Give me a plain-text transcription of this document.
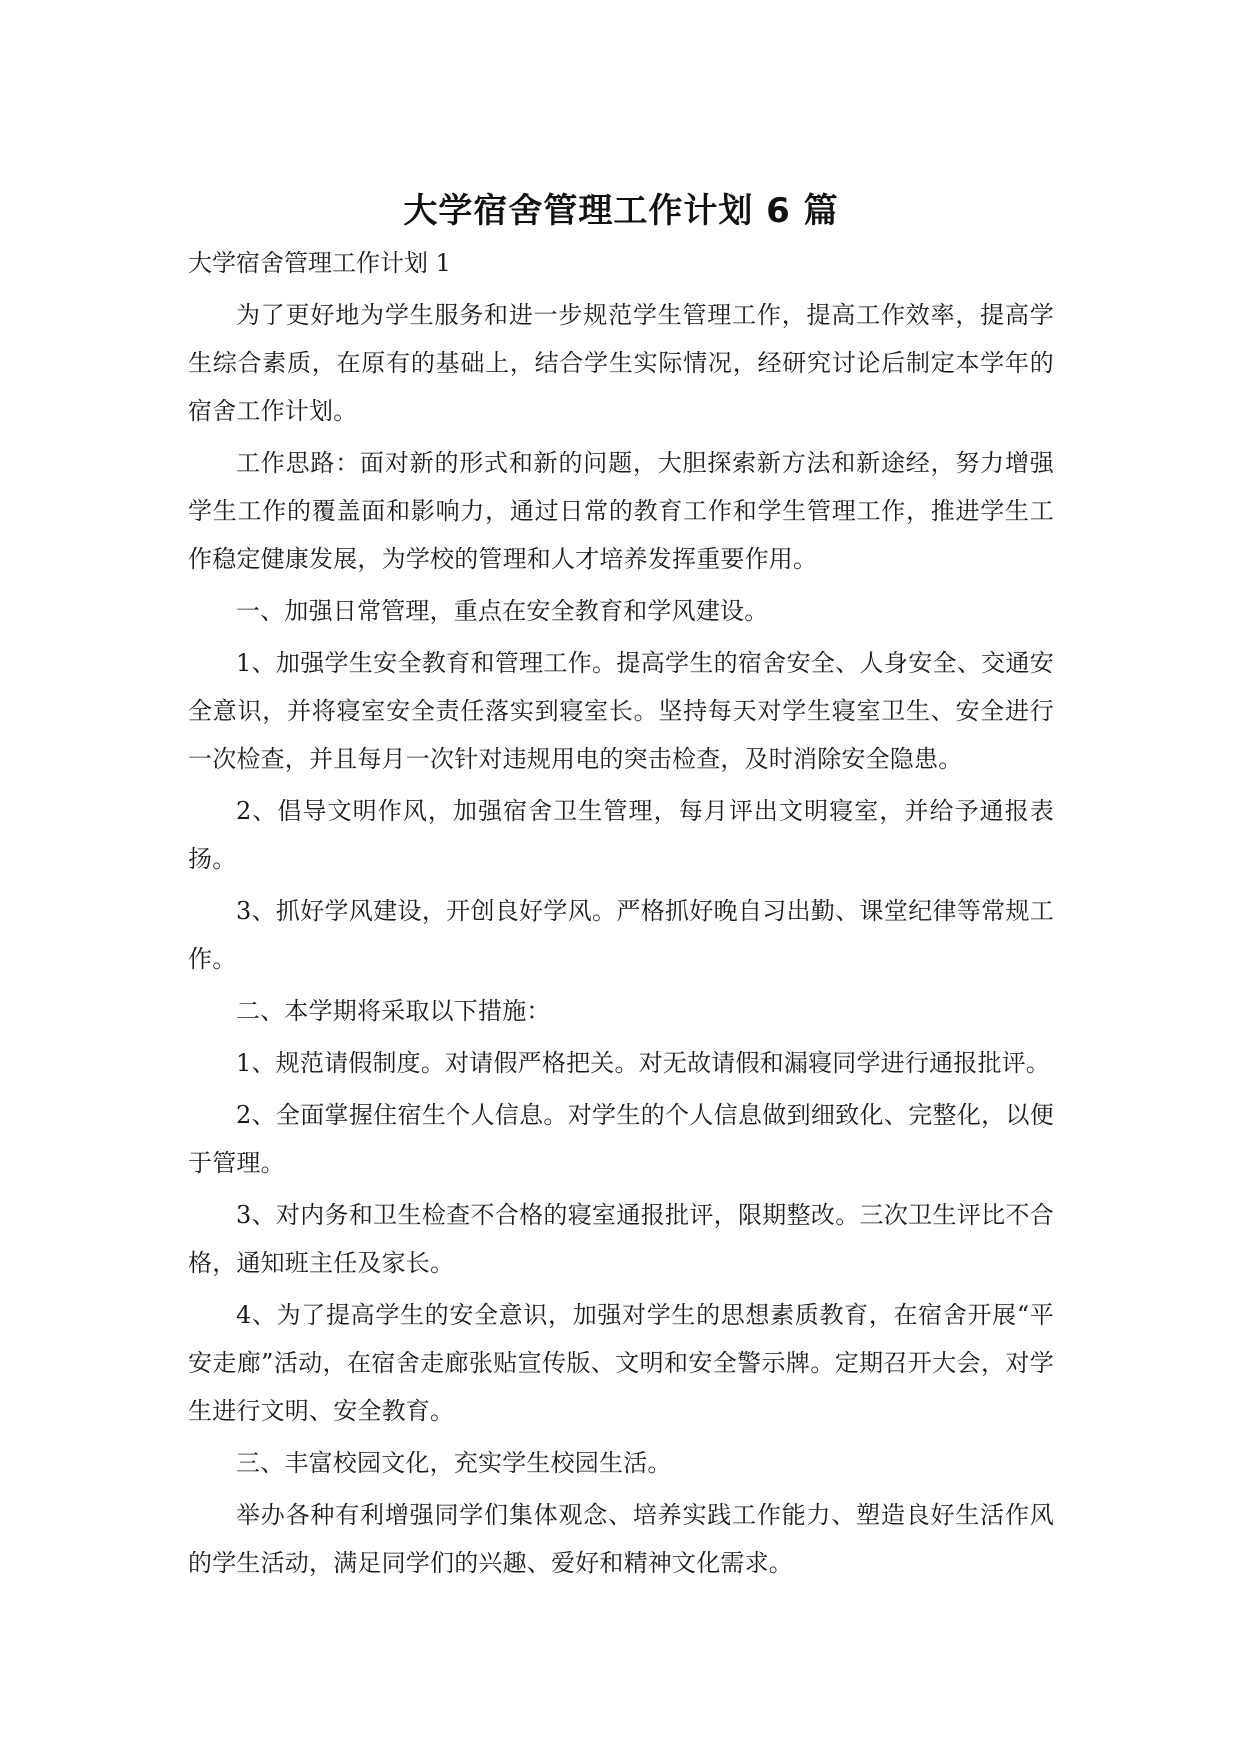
大学宿舍管理工作计划 6 篇

大学宿舍管理工作计划 1

为了更好地为学生服务和进一步规范学生管理工作，提高工作效率，提高学生综合素质，在原有的基础上，结合学生实际情况，经研究讨论后制定本学年的宿舍工作计划。

工作思路：面对新的形式和新的问题，大胆探索新方法和新途经，努力增强学生工作的覆盖面和影响力，通过日常的教育工作和学生管理工作，推进学生工作稳定健康发展，为学校的管理和人才培养发挥重要作用。

一、加强日常管理，重点在安全教育和学风建设。

1、加强学生安全教育和管理工作。提高学生的宿舍安全、人身安全、交通安全意识，并将寝室安全责任落实到寝室长。坚持每天对学生寝室卫生、安全进行一次检查，并且每月一次针对违规用电的突击检查，及时消除安全隐患。

2、倡导文明作风，加强宿舍卫生管理，每月评出文明寝室，并给予通报表扬。

3、抓好学风建设，开创良好学风。严格抓好晚自习出勤、课堂纪律等常规工作。

二、本学期将采取以下措施：

1、规范请假制度。对请假严格把关。对无故请假和漏寝同学进行通报批评。

2、全面掌握住宿生个人信息。对学生的个人信息做到细致化、完整化，以便于管理。

3、对内务和卫生检查不合格的寝室通报批评，限期整改。三次卫生评比不合格，通知班主任及家长。

4、为了提高学生的安全意识，加强对学生的思想素质教育，在宿舍开展“平安走廊”活动，在宿舍走廊张贴宣传版、文明和安全警示牌。定期召开大会，对学生进行文明、安全教育。

三、丰富校园文化，充实学生校园生活。

举办各种有利增强同学们集体观念、培养实践工作能力、塑造良好生活作风的学生活动，满足同学们的兴趣、爱好和精神文化需求。
